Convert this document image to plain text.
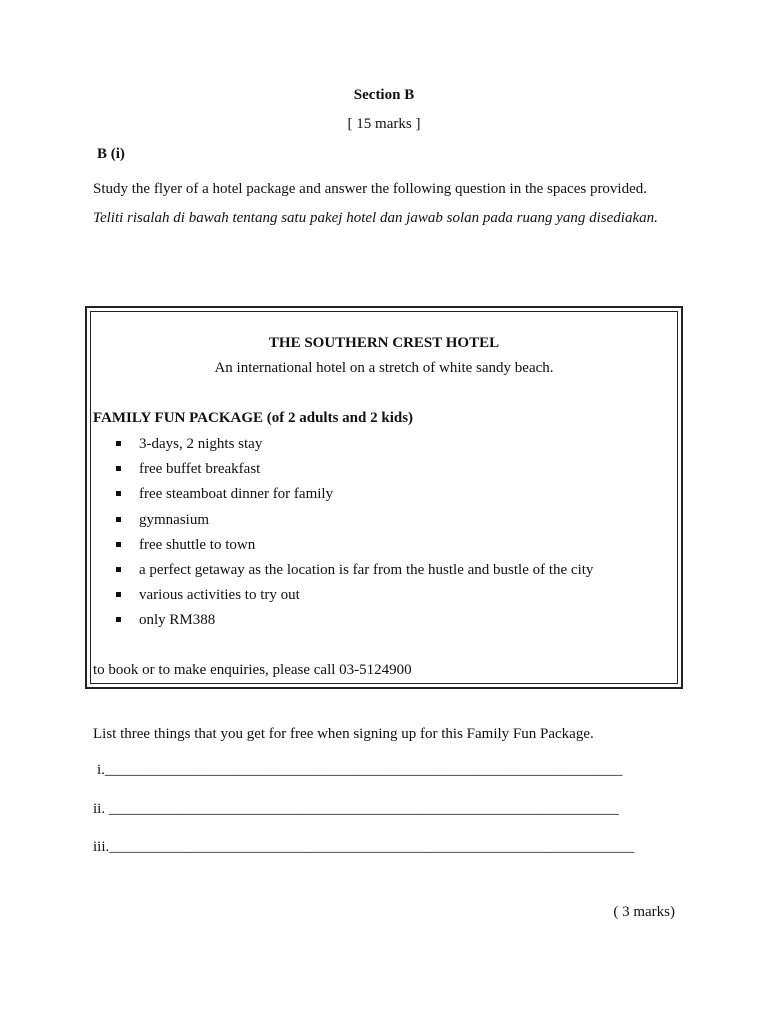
Section B
[ 15 marks ]
B (i)
Study the flyer of a hotel package and answer the following question in the spaces provided.
Teliti risalah di bawah tentang satu pakej hotel dan jawab solan pada ruang yang disediakan.
THE SOUTHERN CREST HOTEL
An international hotel on a stretch of white sandy beach.
FAMILY FUN PACKAGE (of 2 adults and 2 kids)
3-days, 2 nights stay
free buffet breakfast
free steamboat dinner for family
gymnasium
free shuttle to town
a perfect getaway as the location is far from the hustle and bustle of the city
various activities to try out
only RM388
to book or to make enquiries, please call 03-5124900
List three things that you get for free when signing up for this Family Fun Package.
i._____________________________________________________________________
ii. ____________________________________________________________________
iii.______________________________________________________________________
( 3 marks)
